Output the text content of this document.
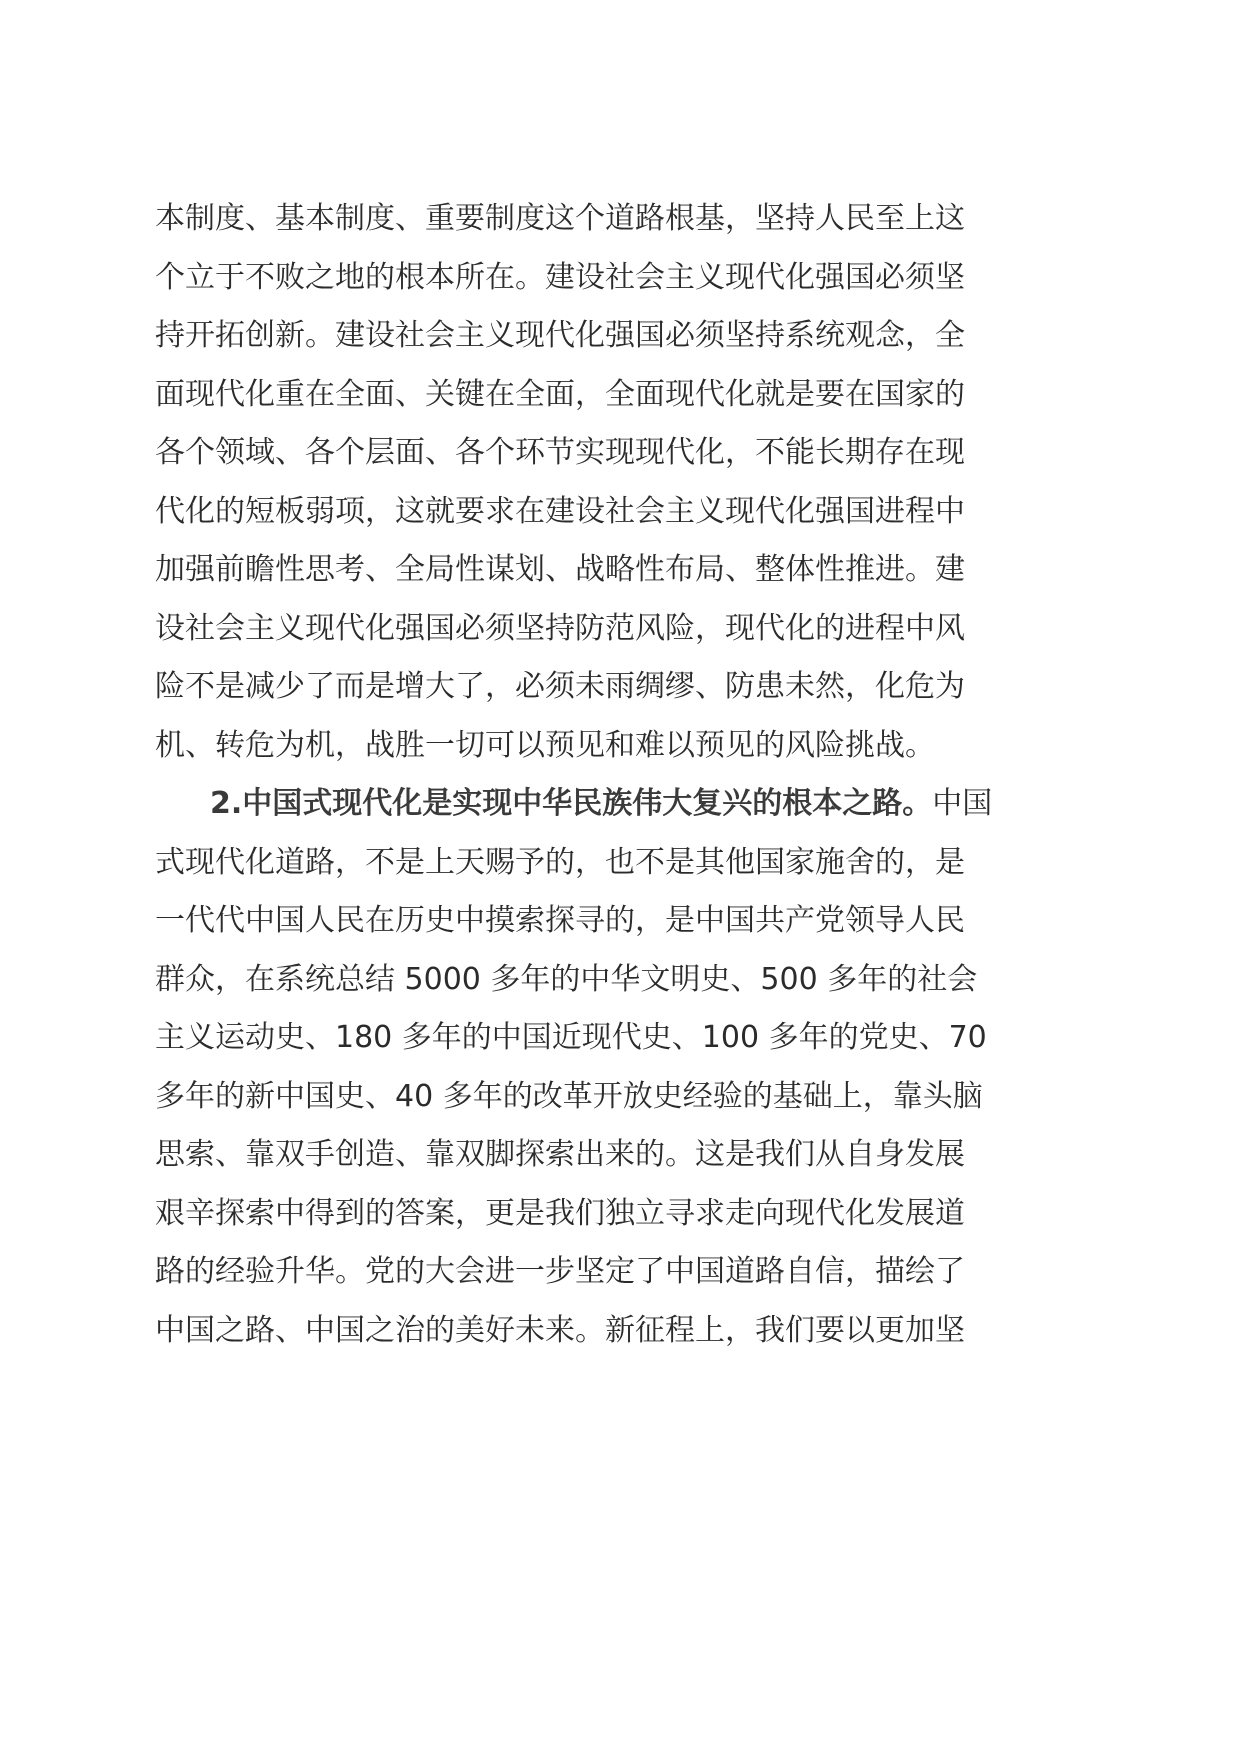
本制度、基本制度、重要制度这个道路根基，坚持人民至上这
个立于不败之地的根本所在。建设社会主义现代化强国必须坚
持开拓创新。建设社会主义现代化强国必须坚持系统观念，全
面现代化重在全面、关键在全面，全面现代化就是要在国家的
各个领域、各个层面、各个环节实现现代化，不能长期存在现
代化的短板弱项，这就要求在建设社会主义现代化强国进程中
加强前瞻性思考、全局性谋划、战略性布局、整体性推进。建
设社会主义现代化强国必须坚持防范风险，现代化的进程中风
险不是减少了而是增大了，必须未雨绸缪、防患未然，化危为
机、转危为机，战胜一切可以预见和难以预见的风险挑战。
2.中国式现代化是实现中华民族伟大复兴的根本之路。中国
式现代化道路，不是上天赐予的，也不是其他国家施舍的，是
一代代中国人民在历史中摸索探寻的，是中国共产党领导人民
群众，在系统总结 5000 多年的中华文明史、500 多年的社会
主义运动史、180 多年的中国近现代史、100 多年的党史、70
多年的新中国史、40 多年的改革开放史经验的基础上，靠头脑
思索、靠双手创造、靠双脚探索出来的。这是我们从自身发展
艰辛探索中得到的答案，更是我们独立寻求走向现代化发展道
路的经验升华。党的大会进一步坚定了中国道路自信，描绘了
中国之路、中国之治的美好未来。新征程上，我们要以更加坚
